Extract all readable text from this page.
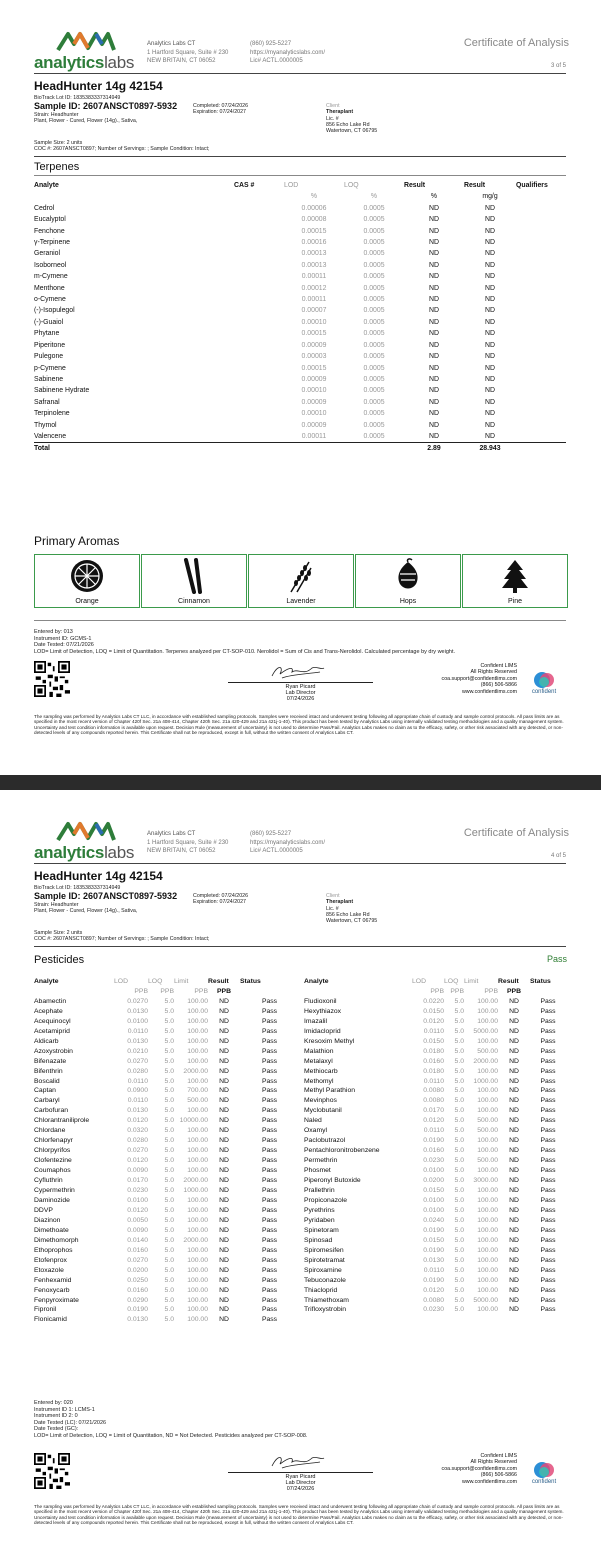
analyticslabs
Analytics Labs CT
1 Hartford Square, Suite # 230
NEW BRITAIN, CT 06052
(860) 925-5227
https://myanalyticslabs.com/
Lic# ACTL.0000005
Certificate of Analysis
3 of 5
HeadHunter 14g 42154
BioTrack Lot ID: 1835383337314949
Sample ID: 2607ANSCT0897-5932
Strain: Headhunter
Plant, Flower - Cured, Flower (14g)., Sativa,
Completed: 07/24/2026
Expiration: 07/24/2027
Client
Theraplant
Lic. #
856 Echo Lake Rd
Watertown, CT 06795
Sample Size: 2 units
COC #: 2607ANSCT0897; Number of Servings: ; Sample Condition: Intact;
Terpenes
Analyte	CAS #	LOD	LOQ	Result	Result	Qualifiers
		%	%	%	mg/g	
Cedrol		0.00006	0.0005	ND	ND	
Eucalyptol		0.00008	0.0005	ND	ND	
Fenchone		0.00015	0.0005	ND	ND	
γ-Terpinene		0.00016	0.0005	ND	ND	
Geraniol		0.00013	0.0005	ND	ND	
Isoborneol		0.00013	0.0005	ND	ND	
m-Cymene		0.00011	0.0005	ND	ND	
Menthone		0.00012	0.0005	ND	ND	
o-Cymene		0.00011	0.0005	ND	ND	
(-)-Isopulegol		0.00007	0.0005	ND	ND	
(-)-Guaiol		0.00010	0.0005	ND	ND	
Phytane		0.00015	0.0005	ND	ND	
Piperitone		0.00009	0.0005	ND	ND	
Pulegone		0.00003	0.0005	ND	ND	
p-Cymene		0.00015	0.0005	ND	ND	
Sabinene		0.00009	0.0005	ND	ND	
Sabinene Hydrate		0.00010	0.0005	ND	ND	
Safranal		0.00009	0.0005	ND	ND	
Terpinolene		0.00010	0.0005	ND	ND	
Thymol		0.00009	0.0005	ND	ND	
Valencene		0.00011	0.0005	ND	ND	
Total				2.89	28.943	
Primary Aromas
Orange	Cinnamon	Lavender	Hops	Pine
Entered by: 013
Instrument ID: GCMS-1
Date Tested: 07/21/2026
LOD= Limit of Detection, LOQ = Limit of Quantitation. Terpenes analyzed per CT-SOP-010. Nerolidol = Sum of Cis and Trans-Nerolidol. Calculated percentage by dry weight.
Ryan Picard
Lab Director
07/24/2026
Confident LIMS
All Rights Reserved
coa.support@confidentlims.com
(866) 506-5866
www.confidentlims.com	confident
The sampling was performed by Analytics Labs CT LLC, in accordance with established sampling protocols. Samples were received intact and underwent testing following all appropriate chain of custody and sample control protocols. All pass limits are as specified in the most recent version of Chapter 420f Sec. 21a 408-414, Chapter 420h Sec. 21a 420-429 and 21a 421j-1-40). This product has been tested by Analytics Labs using internally validated testing methodologies and a quality management system. Uncertainty and test condition information is available upon request. Decision Rule (measurement of uncertainty) is not used to determine Pass/Fail. Analytics Labs makes no claim as to the efficacy, safety, or other risk associated with any detected, or non-detected levels of any compounds reported herein. This Certificate shall not be reproduced, except in full, without the written consent of Analytics Labs CT.
analyticslabs
Analytics Labs CT
1 Hartford Square, Suite # 230
NEW BRITAIN, CT 06052
(860) 925-5227
https://myanalyticslabs.com/
Lic# ACTL.0000005
Certificate of Analysis
4 of 5
HeadHunter 14g 42154
BioTrack Lot ID: 1835383337314949
Sample ID: 2607ANSCT0897-5932
Strain: Headhunter
Plant, Flower - Cured, Flower (14g)., Sativa,
Completed: 07/24/2026
Expiration: 07/24/2027
Client
Theraplant
Lic. #
856 Echo Lake Rd
Watertown, CT 06795
Sample Size: 2 units
COC #: 2607ANSCT0897; Number of Servings: ; Sample Condition: Intact;
Pesticides	Pass
Analyte	LOD	LOQ	Limit	Result	Status
	PPB	PPB	PPB	PPB	
Abamectin	0.0270	5.0	100.00	ND	Pass
Acephate	0.0130	5.0	100.00	ND	Pass
Acequinocyl	0.0100	5.0	100.00	ND	Pass
Acetamiprid	0.0110	5.0	100.00	ND	Pass
Aldicarb	0.0130	5.0	100.00	ND	Pass
Azoxystrobin	0.0210	5.0	100.00	ND	Pass
Bifenazate	0.0270	5.0	100.00	ND	Pass
Bifenthrin	0.0280	5.0	2000.00	ND	Pass
Boscalid	0.0110	5.0	100.00	ND	Pass
Captan	0.0900	5.0	700.00	ND	Pass
Carbaryl	0.0110	5.0	500.00	ND	Pass
Carbofuran	0.0130	5.0	100.00	ND	Pass
Chlorantraniliprole	0.0120	5.0	10000.00	ND	Pass
Chlordane	0.0320	5.0	100.00	ND	Pass
Chlorfenapyr	0.0280	5.0	100.00	ND	Pass
Chlorpyrifos	0.0270	5.0	100.00	ND	Pass
Clofentezine	0.0120	5.0	100.00	ND	Pass
Coumaphos	0.0090	5.0	100.00	ND	Pass
Cyfluthrin	0.0170	5.0	2000.00	ND	Pass
Cypermethrin	0.0230	5.0	1000.00	ND	Pass
Daminozide	0.0100	5.0	100.00	ND	Pass
DDVP	0.0120	5.0	100.00	ND	Pass
Diazinon	0.0050	5.0	100.00	ND	Pass
Dimethoate	0.0090	5.0	100.00	ND	Pass
Dimethomorph	0.0140	5.0	2000.00	ND	Pass
Ethoprophos	0.0160	5.0	100.00	ND	Pass
Etofenprox	0.0270	5.0	100.00	ND	Pass
Etoxazole	0.0200	5.0	100.00	ND	Pass
Fenhexamid	0.0250	5.0	100.00	ND	Pass
Fenoxycarb	0.0160	5.0	100.00	ND	Pass
Fenpyroximate	0.0290	5.0	100.00	ND	Pass
Fipronil	0.0190	5.0	100.00	ND	Pass
Flonicamid	0.0130	5.0	100.00	ND	Pass
Analyte	LOD	LOQ	Limit	Result	Status
	PPB	PPB	PPB	PPB	
Fludioxonil	0.0220	5.0	100.00	ND	Pass
Hexythiazox	0.0150	5.0	100.00	ND	Pass
Imazalil	0.0120	5.0	100.00	ND	Pass
Imidacloprid	0.0110	5.0	5000.00	ND	Pass
Kresoxim Methyl	0.0150	5.0	100.00	ND	Pass
Malathion	0.0180	5.0	500.00	ND	Pass
Metalaxyl	0.0160	5.0	2000.00	ND	Pass
Methiocarb	0.0180	5.0	100.00	ND	Pass
Methomyl	0.0110	5.0	1000.00	ND	Pass
Methyl Parathion	0.0080	5.0	100.00	ND	Pass
Mevinphos	0.0080	5.0	100.00	ND	Pass
Myclobutanil	0.0170	5.0	100.00	ND	Pass
Naled	0.0120	5.0	500.00	ND	Pass
Oxamyl	0.0110	5.0	500.00	ND	Pass
Paclobutrazol	0.0190	5.0	100.00	ND	Pass
Pentachloronitrobenzene	0.0160	5.0	100.00	ND	Pass
Permethrin	0.0230	5.0	500.00	ND	Pass
Phosmet	0.0100	5.0	100.00	ND	Pass
Piperonyl Butoxide	0.0200	5.0	3000.00	ND	Pass
Prallethrin	0.0150	5.0	100.00	ND	Pass
Propiconazole	0.0100	5.0	100.00	ND	Pass
Pyrethrins	0.0100	5.0	100.00	ND	Pass
Pyridaben	0.0240	5.0	100.00	ND	Pass
Spinetoram	0.0190	5.0	100.00	ND	Pass
Spinosad	0.0150	5.0	100.00	ND	Pass
Spiromesifen	0.0190	5.0	100.00	ND	Pass
Spirotetramat	0.0130	5.0	100.00	ND	Pass
Spiroxamine	0.0110	5.0	100.00	ND	Pass
Tebuconazole	0.0190	5.0	100.00	ND	Pass
Thiacloprid	0.0120	5.0	100.00	ND	Pass
Thiamethoxam	0.0080	5.0	5000.00	ND	Pass
Trifloxystrobin	0.0230	5.0	100.00	ND	Pass
Entered by: 020
Instrument ID 1: LCMS-1
Instrument ID 2: 0
Date Tested (LC): 07/21/2026
Date Tested (GC):
LOD= Limit of Detection, LOQ = Limit of Quantitation, ND = Not Detected. Pesticides analyzed per CT-SOP-008.
Ryan Picard
Lab Director
07/24/2026
Confident LIMS
All Rights Reserved
coa.support@confidentlims.com
(866) 506-5866
www.confidentlims.com	confident
The sampling was performed by Analytics Labs CT LLC, in accordance with established sampling protocols. Samples were received intact and underwent testing following all appropriate chain of custody and sample control protocols. All pass limits are as specified in the most recent version of Chapter 420f Sec. 21a 408-414, Chapter 420h Sec. 21a 420-429 and 21a 421j-1-40). This product has been tested by Analytics Labs using internally validated testing methodologies and a quality management system. Uncertainty and test condition information is available upon request. Decision Rule (measurement of uncertainty) is not used to determine Pass/Fail. Analytics Labs makes no claim as to the efficacy, safety, or other risk associated with any detected, or non-detected levels of any compounds reported herein. This Certificate shall not be reproduced, except in full, without the written consent of Analytics Labs CT.
